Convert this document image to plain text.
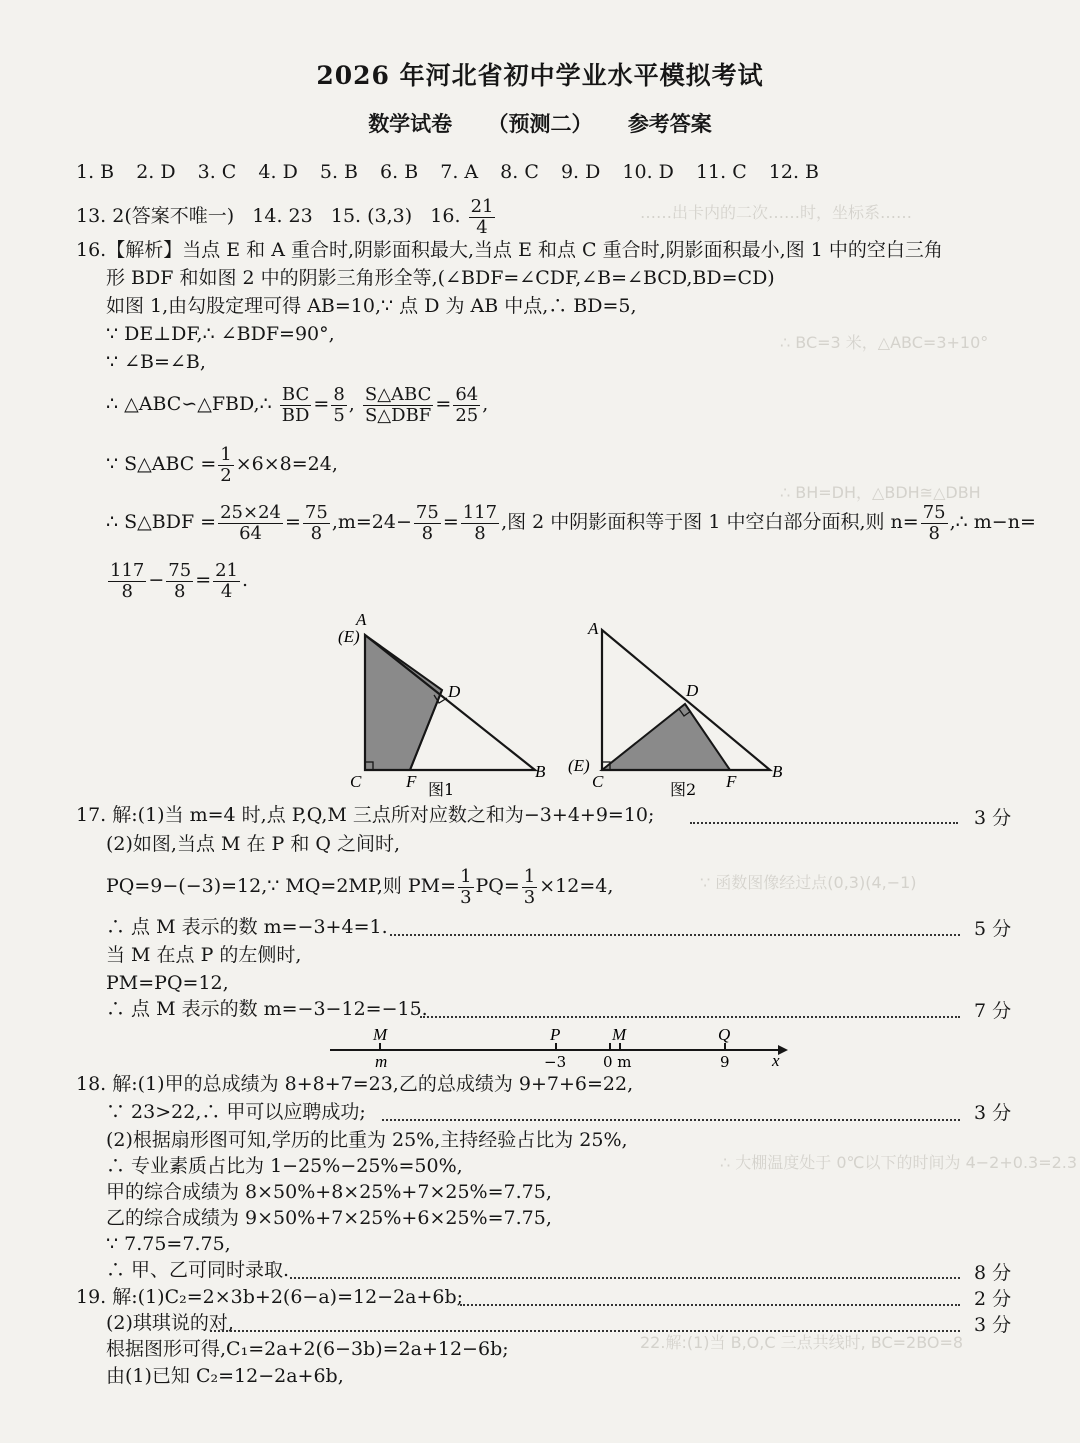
……出卡内的二次……时，坐标系……
∴ BC=3 米，△ABC=3+10°
∴ BH=DH，△BDH≅△DBH
∵ 函数图像经过点(0,3)(4,−1)
∴ 大棚温度处于 0℃以下的时间为 4−2+0.3=2.3
22.解:(1)当 B,O,C 三点共线时, BC=2BO=8
2026 年河北省初中学业水平模拟考试
数学试卷 （预测二） 参考答案
1. B 2. D 3. C 4. D 5. B 6. B 7. A 8. C 9. D 10. D 11. C 12. B
13. 2(答案不唯一) 14. 23 15. (3,3) 16. $\frac{21}{4}$
16.【解析】当点 E 和 A 重合时,阴影面积最大,当点 E 和点 C 重合时,阴影面积最小,图 1 中的空白三角
形 BDF 和如图 2 中的阴影三角形全等,(∠BDF=∠CDF,∠B=∠BCD,BD=CD)
如图 1,由勾股定理可得 AB=10,∵ 点 D 为 AB 中点,∴ BD=5,
∵ DE⊥DF,∴ ∠BDF=90°,
∵ ∠B=∠B,
∴ △ABC∽△FBD,∴ $\frac{BC}{BD} = \frac{8}{5}$ , $\frac{\text{S△ABC}}{\text{S△DBF}} = \frac{64}{25}$ ,
∵ S△ABC = $\frac{1}{2} \times 6\times 8=24$,
∴ S△BDF = $\frac{25\times 24}{64} = \frac{75}{8} ,m=24- \frac{75}{8} = \frac{117}{8}$ ,图 2 中阴影面积等于图 1 中空白部分面积,则 $n= \frac{75}{8}$ ,∴ m−n=
$\frac{117}{8} - \frac{75}{8} = \frac{21}{4}$ .
A
(E)
D
C	F
B
图1
A
D
(E)
C	F
B
图2
17. 解:(1)当 m=4 时,点 P,Q,M 三点所对应数之和为−3+4+9=10;	3 分
(2)如图,当点 M 在 P 和 Q 之间时,
PQ=9−(−3)=12,∵ MQ=2MP,则 $PM= \frac{1}{3} PQ= \frac{1}{3} \times 12=4$,
∴ 点 M 表示的数 m=−3+4=1.	5 分
当 M 在点 P 的左侧时,
PM=PQ=12,
∴ 点 M 表示的数 m=−3−12=−15.	7 分
M	P	M	Q
m	−3 0 m	9 x
18. 解:(1)甲的总成绩为 8+8+7=23,乙的总成绩为 9+7+6=22,
∵ 23>22,∴ 甲可以应聘成功;	3 分
(2)根据扇形图可知,学历的比重为 25%,主持经验占比为 25%,
∴ 专业素质占比为 1−25%−25%=50%,
甲的综合成绩为 8×50%+8×25%+7×25%=7.75,
乙的综合成绩为 9×50%+7×25%+6×25%=7.75,
∵ 7.75=7.75,
∴ 甲、乙可同时录取.	8 分
19. 解:(1)C₂=2×3b+2(6−a)=12−2a+6b;	2 分
(2)琪琪说的对,	3 分
根据图形可得,C₁=2a+2(6−3b)=2a+12−6b;
由(1)已知 C₂=12−2a+6b,
